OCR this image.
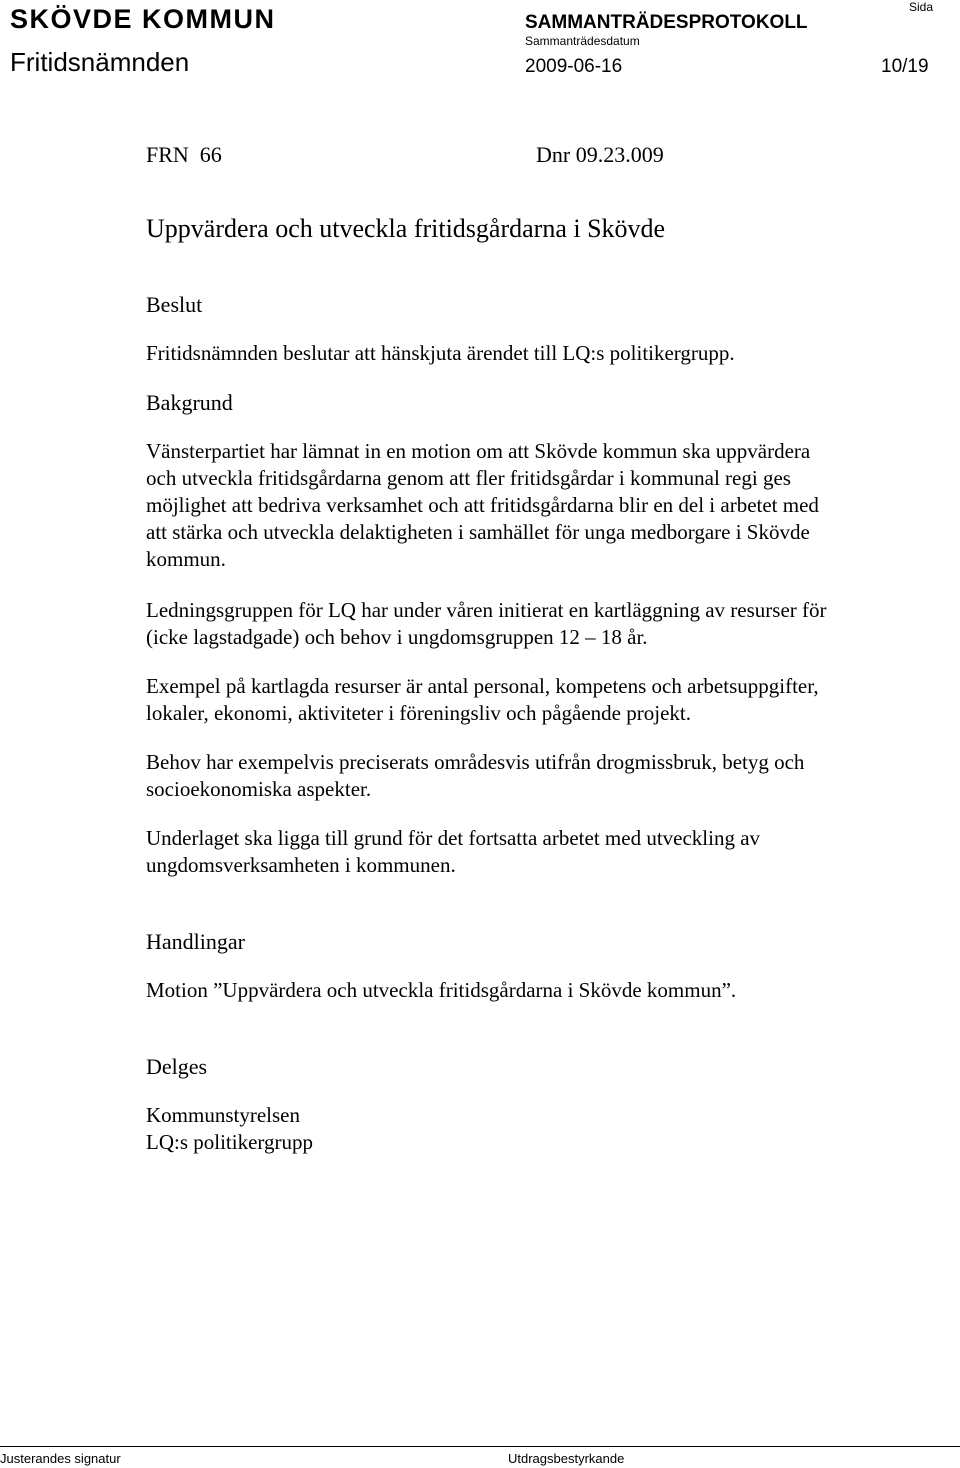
SKÖVDE KOMMUN	SAMMANTRÄDESPROTOKOLL
Sida
Fritidsnämnden
Sammanträdesdatum
2009-06-16	10/19
FRN  66	Dnr 09.23.009
Uppvärdera och utveckla fritidsgårdarna i Skövde
Beslut
Fritidsnämnden beslutar att hänskjuta ärendet till LQ:s politikergrupp.
Bakgrund
Vänsterpartiet har lämnat in en motion om att Skövde kommun ska uppvärdera
och utveckla fritidsgårdarna genom att fler fritidsgårdar i kommunal regi ges
möjlighet att bedriva verksamhet och att fritidsgårdarna blir en del i arbetet med
att stärka och utveckla delaktigheten i samhället för unga medborgare i Skövde
kommun.
Ledningsgruppen för LQ har under våren initierat en kartläggning av resurser för
(icke lagstadgade) och behov i ungdomsgruppen 12 – 18 år.
Exempel på kartlagda resurser är antal personal, kompetens och arbetsuppgifter,
lokaler, ekonomi, aktiviteter i föreningsliv och pågående projekt.
Behov har exempelvis preciserats områdesvis utifrån drogmissbruk, betyg och
socioekonomiska aspekter.
Underlaget ska ligga till grund för det fortsatta arbetet med utveckling av
ungdomsverksamheten i kommunen.
Handlingar
Motion ”Uppvärdera och utveckla fritidsgårdarna i Skövde kommun”.
Delges
Kommunstyrelsen
LQ:s politikergrupp
Justerandes signatur	Utdragsbestyrkande
